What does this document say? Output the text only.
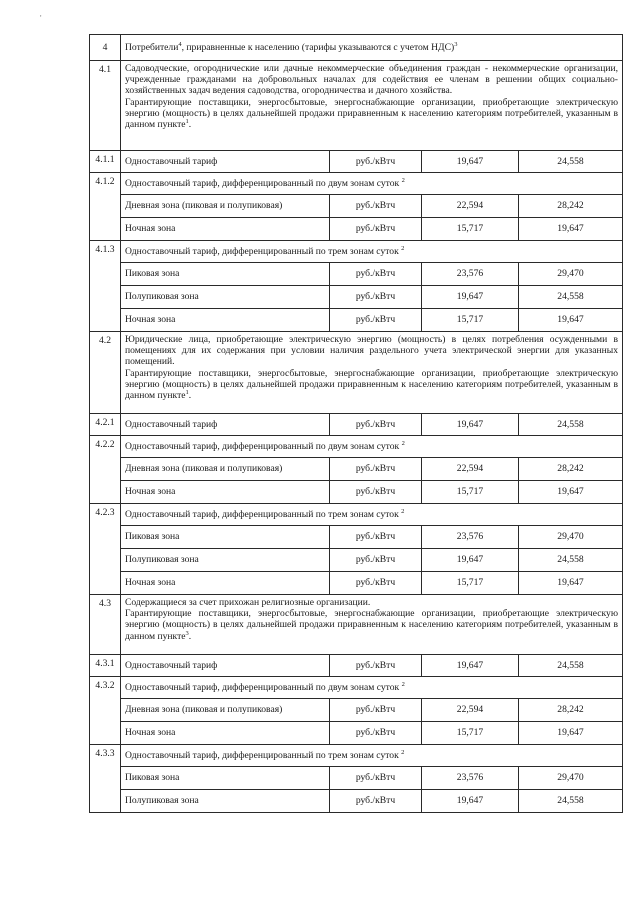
'
4	Потребители$^4$, приравненные к населению (тарифы указываются с учетом НДС)$^3$
4.1	Садоводческие, огороднические или дачные некоммерческие объединения граждан - некоммерческие организации, учрежденные гражданами на добровольных началах для содействия ее членам в решении общих социально-хозяйственных задач ведения садоводства, огородничества и дачного хозяйства.
Гарантирующие поставщики, энергосбытовые, энергоснабжающие организации, приобретающие электрическую энергию (мощность) в целях дальнейшей продажи приравненным к населению категориям потребителей, указанным в данном пункте$^1$.			

4.1.1	Одноставочный тариф	руб./кВтч	19,647	24,558
4.1.2	Одноставочный тариф, дифференцированный по двум зонам суток $^2$
	Дневная зона (пиковая и полупиковая)	руб./кВтч	22,594	28,242
	Ночная зона	руб./кВтч	15,717	19,647
4.1.3	Одноставочный тариф, дифференцированный по трем зонам суток $^2$
	Пиковая зона	руб./кВтч	23,576	29,470
	Полупиковая зона	руб./кВтч	19,647	24,558
	Ночная зона	руб./кВтч	15,717	19,647
4.2	Юридические лица, приобретающие электрическую энергию (мощность) в целях потребления осужденными в помещениях для их содержания при условии наличия раздельного учета электрической энергии для указанных помещений.
Гарантирующие поставщики, энергосбытовые, энергоснабжающие организации, приобретающие электрическую энергию (мощность) в целях дальнейшей продажи приравненным к населению категориям потребителей, указанным в данном пункте$^1$.			

4.2.1	Одноставочный тариф	руб./кВтч	19,647	24,558
4.2.2	Одноставочный тариф, дифференцированный по двум зонам суток $^2$
	Дневная зона (пиковая и полупиковая)	руб./кВтч	22,594	28,242
	Ночная зона	руб./кВтч	15,717	19,647
4.2.3	Одноставочный тариф, дифференцированный по трем зонам суток $^2$
	Пиковая зона	руб./кВтч	23,576	29,470
	Полупиковая зона	руб./кВтч	19,647	24,558
	Ночная зона	руб./кВтч	15,717	19,647
4.3	Содержащиеся за счет прихожан религиозные организации.
Гарантирующие поставщики, энергосбытовые, энергоснабжающие организации, приобретающие электрическую энергию (мощность) в целях дальнейшей продажи приравненным к населению категориям потребителей, указанным в данном пункте$^3$.			

4.3.1	Одноставочный тариф	руб./кВтч	19,647	24,558
4.3.2	Одноставочный тариф, дифференцированный по двум зонам суток $^2$
	Дневная зона (пиковая и полупиковая)	руб./кВтч	22,594	28,242
	Ночная зона	руб./кВтч	15,717	19,647
4.3.3	Одноставочный тариф, дифференцированный по трем зонам суток $^2$
	Пиковая зона	руб./кВтч	23,576	29,470
	Полупиковая зона	руб./кВтч	19,647	24,558
